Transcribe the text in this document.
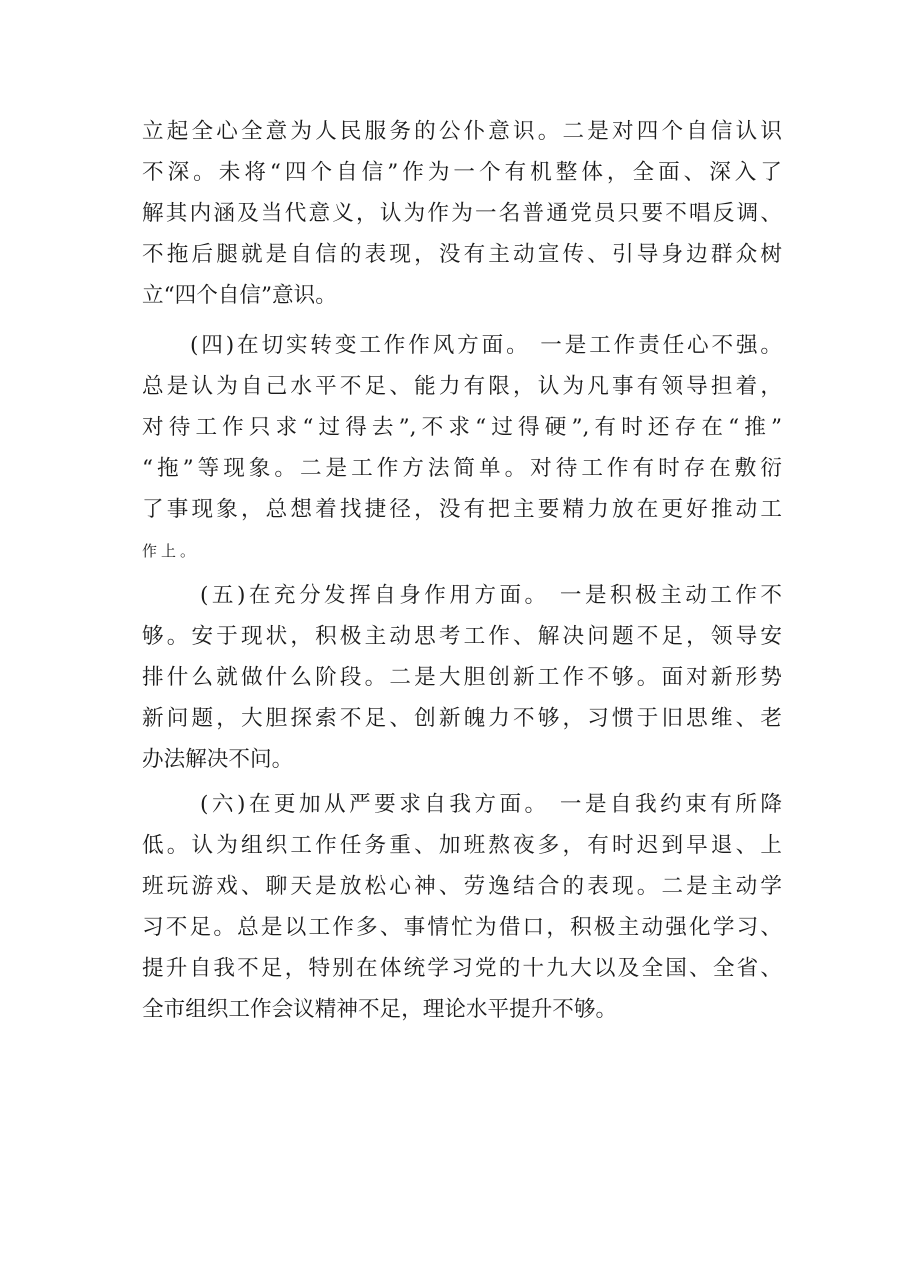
立起全心全意为人民服务的公仆意识。二是对四个自信认识
不深。未将“四个自信”作为一个有机整体，全面、深入了
解其内涵及当代意义，认为作为一名普通党员只要不唱反调、
不拖后腿就是自信的表现，没有主动宣传、引导身边群众树
立“四个自信”意识。
(四)在切实转变工作作风方面。 一是工作责任心不强。
总是认为自己水平不足、能力有限，认为凡事有领导担着，
对待工作只求“过得去”,不求“过得硬”,有时还存在“推”
“拖”等现象。二是工作方法简单。对待工作有时存在敷衍
了事现象，总想着找捷径，没有把主要精力放在更好推动工
作上。
(五)在充分发挥自身作用方面。 一是积极主动工作不
够。安于现状，积极主动思考工作、解决问题不足，领导安
排什么就做什么阶段。二是大胆创新工作不够。面对新形势
新问题，大胆探索不足、创新魄力不够，习惯于旧思维、老
办法解决不问。
(六)在更加从严要求自我方面。 一是自我约束有所降
低。认为组织工作任务重、加班熬夜多，有时迟到早退、上
班玩游戏、聊天是放松心神、劳逸结合的表现。二是主动学
习不足。总是以工作多、事情忙为借口，积极主动强化学习、
提升自我不足，特别在体统学习党的十九大以及全国、全省、
全市组织工作会议精神不足，理论水平提升不够。
